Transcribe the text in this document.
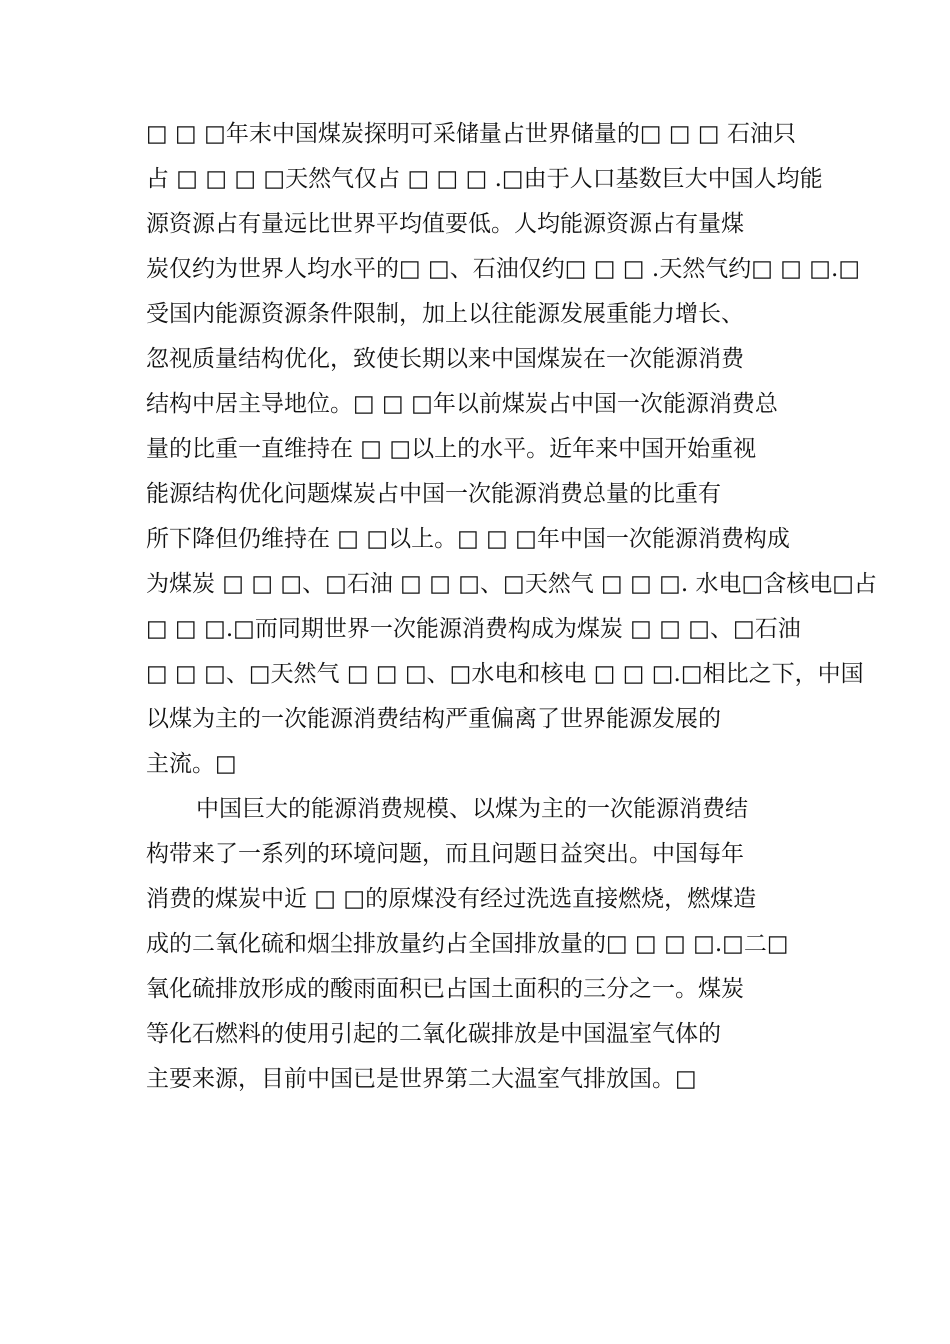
□ □ □年末中国煤炭探明可采储量占世界储量的□ □ □ 石油只
占 □ □ □ □天然气仅占 □ □ □ .□由于人口基数巨大中国人均能
源资源占有量远比世界平均值要低。人均能源资源占有量煤
炭仅约为世界人均水平的□ □、石油仅约□ □ □ .天然气约□ □ □.□
受国内能源资源条件限制，加上以往能源发展重能力增长、
忽视质量结构优化，致使长期以来中国煤炭在一次能源消费
结构中居主导地位。□ □ □年以前煤炭占中国一次能源消费总
量的比重一直维持在 □ □以上的水平。近年来中国开始重视
能源结构优化问题煤炭占中国一次能源消费总量的比重有
所下降但仍维持在 □ □以上。□ □ □年中国一次能源消费构成
为煤炭 □ □ □、□石油 □ □ □、□天然气 □ □ □. 水电□含核电□占
□ □ □.□而同期世界一次能源消费构成为煤炭 □ □ □、□石油
□ □ □、□天然气 □ □ □、□水电和核电 □ □ □.□相比之下，中国
以煤为主的一次能源消费结构严重偏离了世界能源发展的
主流。□
中国巨大的能源消费规模、以煤为主的一次能源消费结
构带来了一系列的环境问题，而且问题日益突出。中国每年
消费的煤炭中近 □ □的原煤没有经过洗选直接燃烧，燃煤造
成的二氧化硫和烟尘排放量约占全国排放量的□ □ □ □.□二□
氧化硫排放形成的酸雨面积已占国土面积的三分之一。煤炭
等化石燃料的使用引起的二氧化碳排放是中国温室气体的
主要来源，目前中国已是世界第二大温室气排放国。□
